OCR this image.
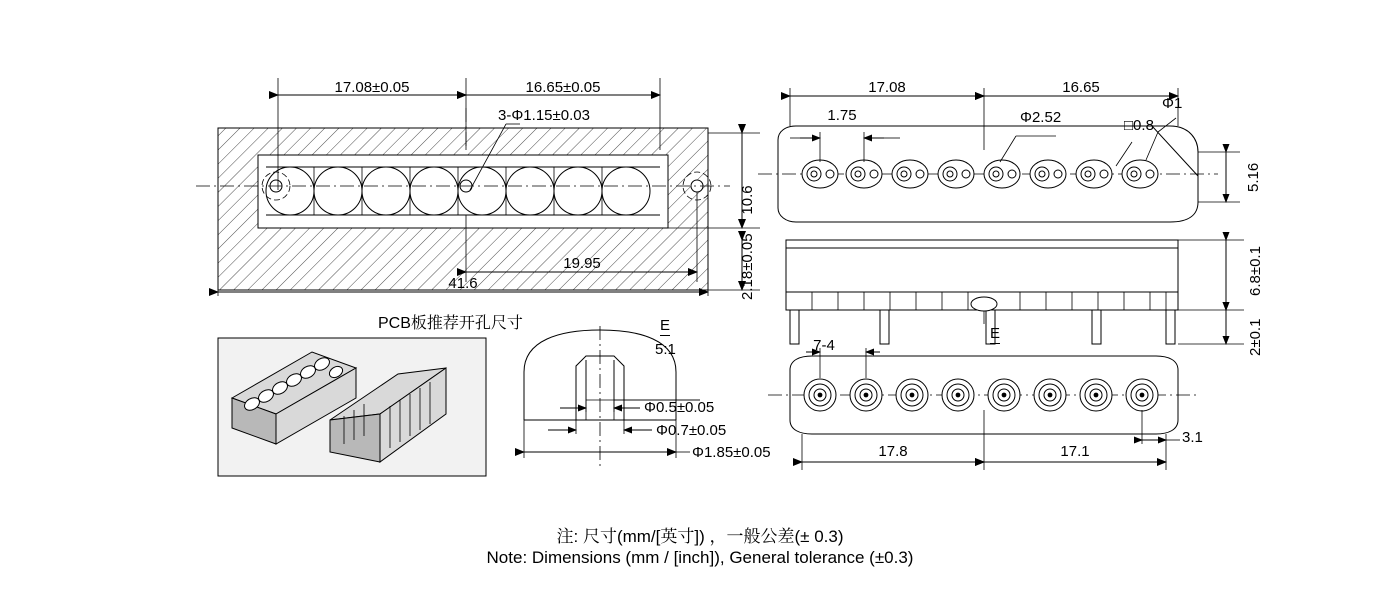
17.08±0.05	16.65±0.05
3-Φ1.15±0.03
10.6
2.18±0.05
19.95
41.6
PCB板推荐开孔尺寸	E
5:1
Φ0.5±0.05
Φ0.7±0.05
Φ1.85±0.05
17.08	16.65
1.75	Φ2.52
Φ1
□0.8
5.16
6.8±0.1
2±0.1
E
7-4
17.8	17.1
3.1
注: 尺寸(mm/[英寸]) ，一般公差(± 0.3)
Note: Dimensions (mm / [inch]), General tolerance (±0.3)
